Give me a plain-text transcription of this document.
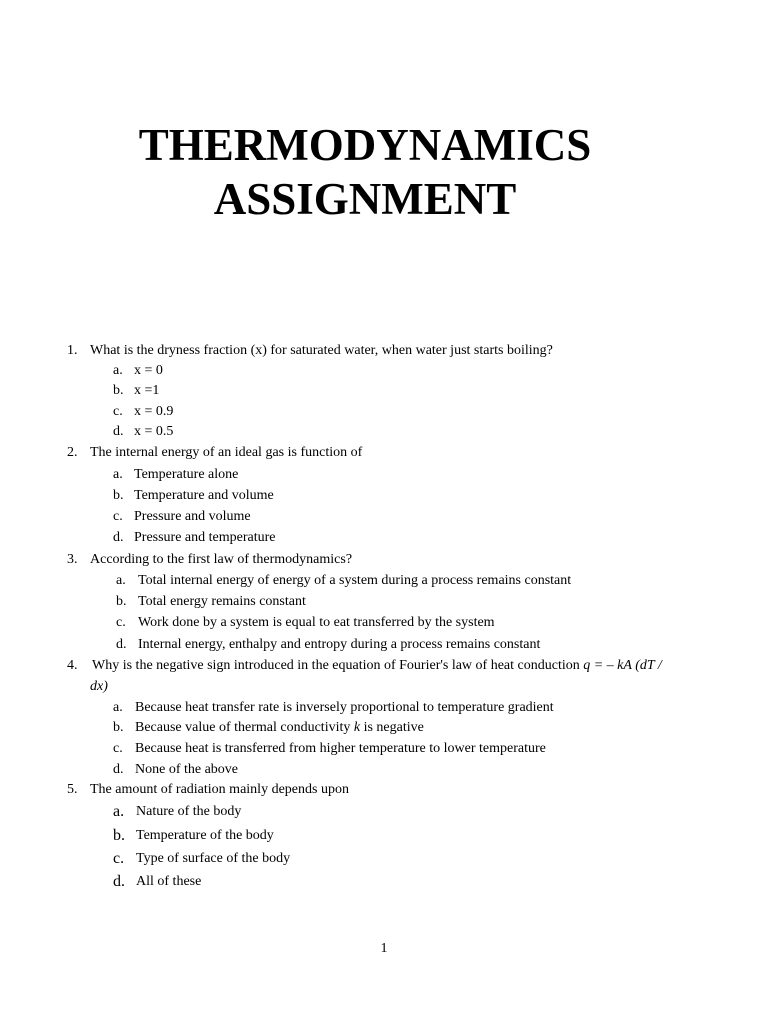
THERMODYNAMICS
ASSIGNMENT
1. What is the dryness fraction (x) for saturated water, when water just starts boiling?
a. x = 0
b. x =1
c. x = 0.9
d. x = 0.5
2. The internal energy of an ideal gas is function of
a. Temperature alone
b. Temperature and volume
c. Pressure and volume
d. Pressure and temperature
3. According to the first law of thermodynamics?
a. Total internal energy of energy of a system during a process remains constant
b. Total energy remains constant
c. Work done by a system is equal to eat transferred by the system
d. Internal energy, enthalpy and entropy during a process remains constant
4. Why is the negative sign introduced in the equation of Fourier's law of heat conduction q = – kA (dT /
dx)
a. Because heat transfer rate is inversely proportional to temperature gradient
b. Because value of thermal conductivity k is negative
c. Because heat is transferred from higher temperature to lower temperature
d. None of the above
5. The amount of radiation mainly depends upon
a. Nature of the body
b. Temperature of the body
c. Type of surface of the body
d. All of these
1
